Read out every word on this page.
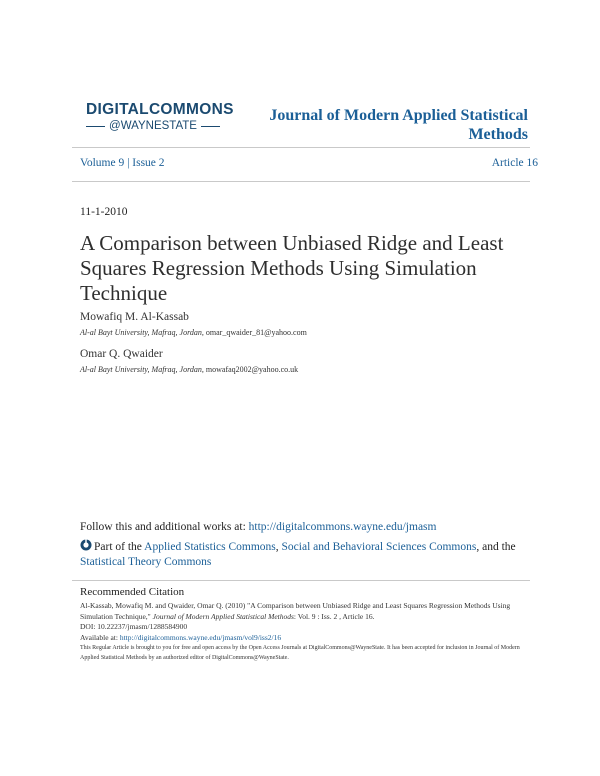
DIGITALCOMMONS
@WAYNESTATE
Journal of Modern Applied Statistical Methods
Volume 9 | Issue 2	Article 16
11-1-2010
A Comparison between Unbiased Ridge and Least Squares Regression Methods Using Simulation Technique
Mowafiq M. Al-Kassab
Al-al Bayt University, Mafraq, Jordan, omar_qwaider_81@yahoo.com
Omar Q. Qwaider
Al-al Bayt University, Mafraq, Jordan, mowafaq2002@yahoo.co.uk
Follow this and additional works at: http://digitalcommons.wayne.edu/jmasm
Part of the Applied Statistics Commons, Social and Behavioral Sciences Commons, and the Statistical Theory Commons
Recommended Citation
Al-Kassab, Mowafiq M. and Qwaider, Omar Q. (2010) "A Comparison between Unbiased Ridge and Least Squares Regression Methods Using Simulation Technique," Journal of Modern Applied Statistical Methods: Vol. 9 : Iss. 2 , Article 16.
DOI: 10.22237/jmasm/1288584900
Available at: http://digitalcommons.wayne.edu/jmasm/vol9/iss2/16
This Regular Article is brought to you for free and open access by the Open Access Journals at DigitalCommons@WayneState. It has been accepted for inclusion in Journal of Modern Applied Statistical Methods by an authorized editor of DigitalCommons@WayneState.
